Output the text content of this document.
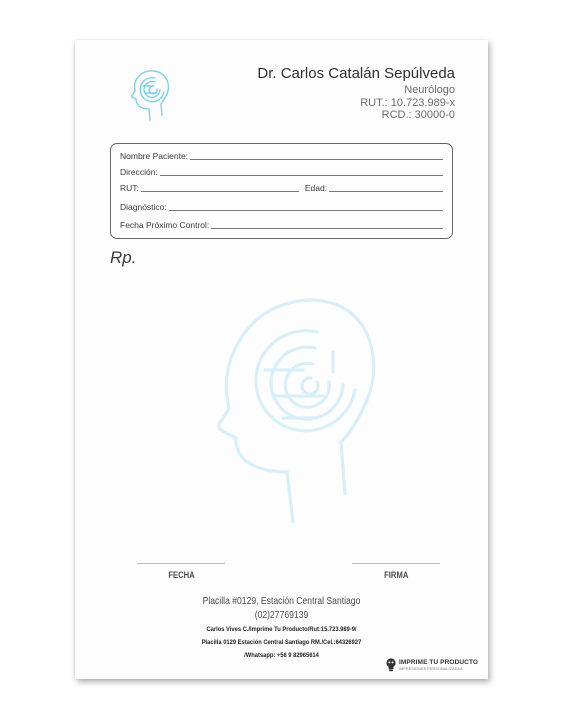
Dr. Carlos Catalán Sepúlveda
Neurólogo
RUT.: 10.723.989-x
RCD.: 30000-0
Nombre Paciente:
Dirección:
RUT:	Edad:
Diagnóstico:
Fecha Próximo Control:
Rp.
FECHA	FIRMA
Placilla #0129, Estación Central Santiago
(02)27769139
Carlos Vives C./Imprime Tu Producto/Rut:15.723.989-9/
Placilla 0129 Estación Central Santiago RM./Cel.:64326927
/Whatsapp: +56 9 82965614
IMPRIME TU PRODUCTO
IMPRESIONES PERSONALIZADAS
